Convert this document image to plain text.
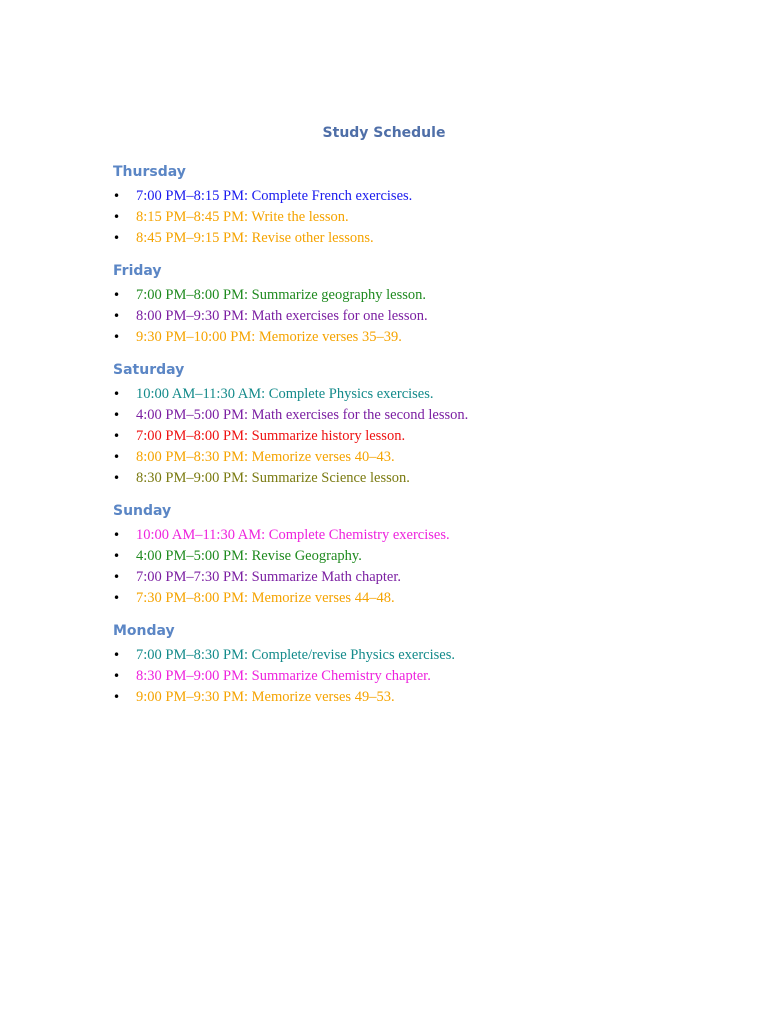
Study Schedule
Thursday
• 7:00 PM–8:15 PM: Complete French exercises.
• 8:15 PM–8:45 PM: Write the lesson.
• 8:45 PM–9:15 PM: Revise other lessons.
Friday
• 7:00 PM–8:00 PM: Summarize geography lesson.
• 8:00 PM–9:30 PM: Math exercises for one lesson.
• 9:30 PM–10:00 PM: Memorize verses 35–39.
Saturday
• 10:00 AM–11:30 AM: Complete Physics exercises.
• 4:00 PM–5:00 PM: Math exercises for the second lesson.
• 7:00 PM–8:00 PM: Summarize history lesson.
• 8:00 PM–8:30 PM: Memorize verses 40–43.
• 8:30 PM–9:00 PM: Summarize Science lesson.
Sunday
• 10:00 AM–11:30 AM: Complete Chemistry exercises.
• 4:00 PM–5:00 PM: Revise Geography.
• 7:00 PM–7:30 PM: Summarize Math chapter.
• 7:30 PM–8:00 PM: Memorize verses 44–48.
Monday
• 7:00 PM–8:30 PM: Complete/revise Physics exercises.
• 8:30 PM–9:00 PM: Summarize Chemistry chapter.
• 9:00 PM–9:30 PM: Memorize verses 49–53.
